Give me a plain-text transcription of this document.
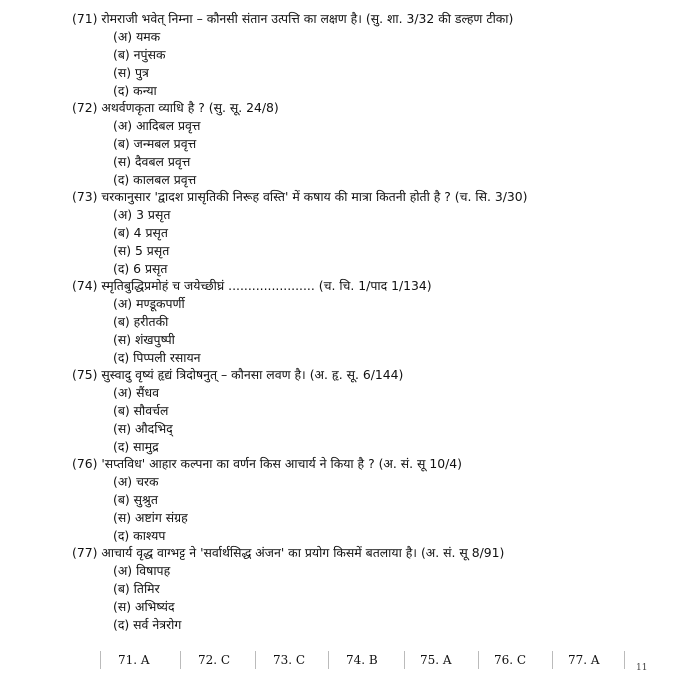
(71) रोमराजी भवेत् निम्ना – कौनसी संतान उत्पत्ति का लक्षण है। (सु. शा. 3/32 की डल्हण टीका)
(अ) यमक
(ब) नपुंसक
(स) पुत्र
(द) कन्या
(72) अथर्वणकृता व्याधि है ? (सु. सू. 24/8)
(अ) आदिबल प्रवृत्त
(ब) जन्मबल प्रवृत्त
(स) दैवबल प्रवृत्त
(द) कालबल प्रवृत्त
(73) चरकानुसार 'द्वादश प्रासृतिकी निरूह वस्ति' में कषाय की मात्रा कितनी होती है ? (च. सि. 3/30)
(अ) 3 प्रसृत
(ब) 4 प्रसृत
(स) 5 प्रसृत
(द) 6 प्रसृत
(74) स्मृतिबुद्धिप्रमोहं च जयेच्छीघ्रं ...................... (च. चि. 1/पाद 1/134)
(अ) मण्डूकपर्णी
(ब) हरीतकी
(स) शंखपुष्पी
(द) पिप्पली रसायन
(75) सुस्वादु वृष्यं हृद्यं त्रिदोषनुत् – कौनसा लवण है। (अ. हृ. सू. 6/144)
(अ) सैंधव
(ब) सौवर्चल
(स) औदभिद्
(द) सामुद्र
(76) 'सप्तविध' आहार कल्पना का वर्णन किस आचार्य ने किया है ? (अ. सं. सू 10/4)
(अ) चरक
(ब) सुश्रुत
(स) अष्टांग संग्रह
(द) काश्यप
(77) आचार्य वृद्ध वाग्भट्ट ने 'सर्वार्थसिद्ध अंजन' का प्रयोग किसमें बतलाया है। (अ. सं. सू 8/91)
(अ) विषापह
(ब) तिमिर
(स) अभिष्यंद
(द) सर्व नेत्ररोग
71. A	72. C	73. C	74. B	75. A	76. C	77. A
11
